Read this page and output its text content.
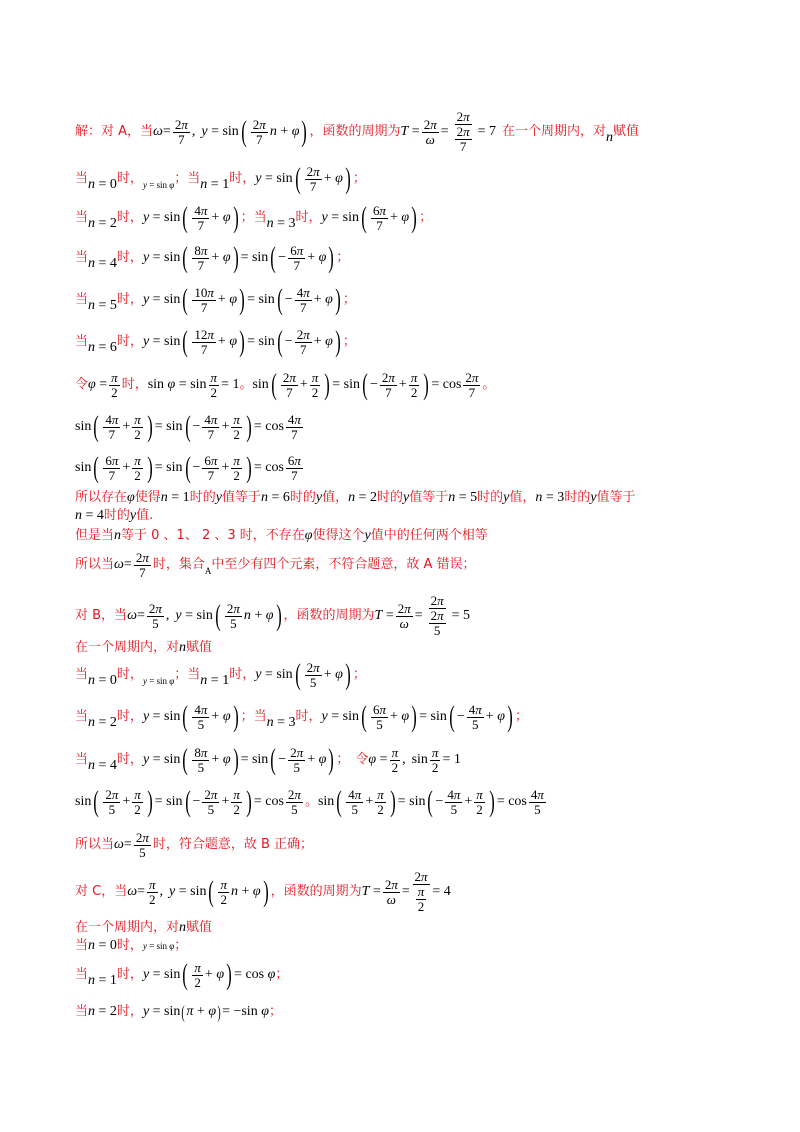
解：对 A，当 $\omega= \frac{2\pi}{7}$ , y = sin ( 2π
7 n + φ ) ，函数的周期为 $T = \frac{2\pi}{\omega} = \frac{2\pi}{\frac{2\pi}{7}} = 7$ 在一个周期内，对 n 赋值
当 n = 0 时， y = sin φ ； 当 n = 1 时， y = sin ( 2π
7 + φ ) ；
当 n = 2 时， y = sin ( 4π
7 + φ ) ； 当 n = 3 时， y = sin ( 6π
7 + φ ) ；
当 n = 4 时， y = sin ( 8π
7 + φ ) = sin ( − $\frac{6\pi}{7} + \varphi$ ) ；
当 n = 5 时， y = sin ( 10π
7 + φ ) = sin ( − $\frac{4\pi}{7} + \varphi$ ) ；
当 n = 6 时， y = sin ( 12π
7 + φ ) = sin ( − $\frac{2\pi}{7} + \varphi$ ) ；
令 $\varphi = \frac{\pi}{2}$ 时， $\sin \varphi = \sin \frac{\pi}{2} = 1$ 。 sin ( 2π
$7 + \frac{\pi}{2}$ ) = sin ( − $\frac{2\pi}{7} + \frac{\pi}{2}$ ) = cos 2π
7 。
sin ( 4π
$7 + \frac{\pi}{2}$ ) = sin ( − $\frac{4\pi}{7} + \frac{\pi}{2}$ ) = cos 4π
7
sin ( 6π
$7 + \frac{\pi}{2}$ ) = sin ( − $\frac{6\pi}{7} + \frac{\pi}{2}$ ) = cos 6π
7
所以存在 φ 使得 n = 1 时的 y 值等于 n = 6 时的 y 值， n = 2 时的 y 值等于 n = 5 时的 y 值， n = 3 时的 y 值等于
n = 4 时的 y 值.
但是当 n 等于 0 、1、 2 、3 时，不存在 φ 使得这个 y 值中的任何两个相等
所以当 $\omega= \frac{2\pi}{7}$ 时，集合 A 中至少有四个元素，不符合题意，故 A 错误；
对 B，当 $\omega= \frac{2\pi}{5}$ , y = sin ( 2π
5 n + φ ) ，函数的周期为 $T = \frac{2\pi}{\omega} = \frac{2\pi}{\frac{2\pi}{5}} = 5$
在一个周期内，对 n 赋值
当 n = 0 时， y = sin φ ； 当 n = 1 时， y = sin ( 2π
5 + φ ) ；
当 n = 2 时， y = sin ( 4π
5 + φ ) ； 当 n = 3 时， y = sin ( 6π
5 + φ ) = sin ( − $\frac{4\pi}{5} + \varphi$ ) ；
当 n = 4 时， y = sin ( 8π
5 + φ ) = sin ( − $\frac{2\pi}{5} + \varphi$ ) ； 令 $\varphi = \frac{\pi}{2}$ , $\sin \frac{\pi}{2} = 1$
sin ( 2π
$5 + \frac{\pi}{2}$ ) = sin ( − $\frac{2\pi}{5} + \frac{\pi}{2}$ ) = cos 2π
5 。 sin ( 4π
$5 + \frac{\pi}{2}$ ) = sin ( − $\frac{4\pi}{5} + \frac{\pi}{2}$ ) = cos 4π
5
所以当 $\omega= \frac{2\pi}{5}$ 时，符合题意，故 B 正确；
对 C，当 $\omega= \frac{\pi}{2}$ , y = sin ( π
2 n + φ ) ，函数的周期为 $T = \frac{2\pi}{\omega} = \frac{2\pi}{\frac{\pi}{2}} = 4$
在一个周期内，对 n 赋值
当 n = 0 时， y = sin φ ；
当 n = 1 时， y = sin ( π
2 + φ ) = cos φ ；
当 n = 2 时， y = sin ( π + φ ) = −sin φ ；
